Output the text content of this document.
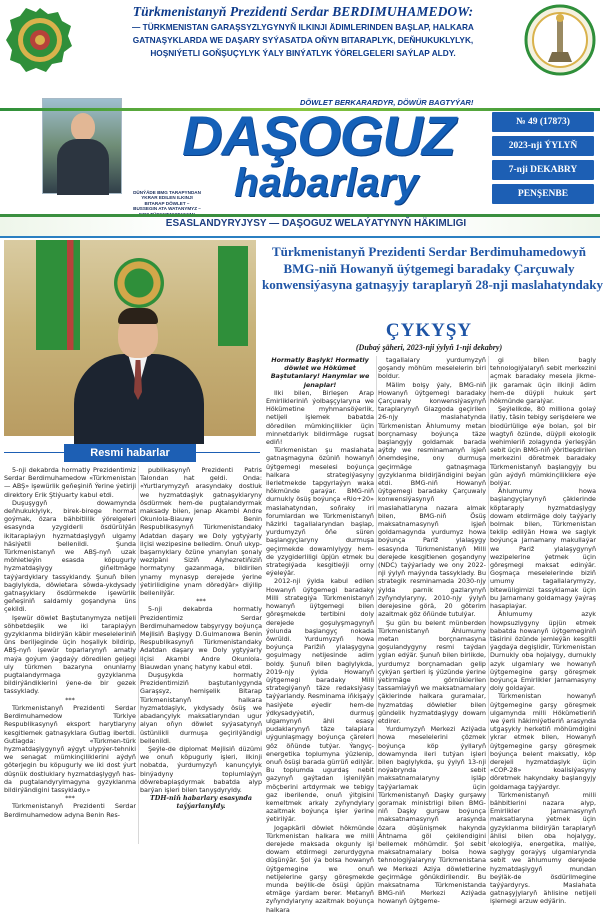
Türkmenistanyň Prezidenti Serdar BERDIMUHAMEDOW:
— TÜRKMENISTAN GARAŞSYZLYGYNYŇ ILKINJI ÄDIMLERINDEN BAŞLAP, HALKARA
GATNAŞYKLARDA WE DAŞARY SYÝASATDA OŇYN BITARAPLYK, DEŇHUKUKLYLYK,
HOŞNIÝETLI GOŇŞUÇYLYK ÝALY BINÝATLYK ÝÖRELGELERI SAÝLAP ALDY.
DÖWLET BERKARARDYR, DÖWÜR BAGTYÝAR!
DAŞOGUZ
habarlary
DÜNÝÄDE BMG TARAPYNDAN
YKRAR EDILEN ILKINJI
BITARAP DÖWLET –
BUSSEGIN ATA WATANYMYZ –
№ 49 (17873)
2023-nji ÝYLYŇ
7-nji DEKABRY
PENŞENBE
ESASLANDYRYJYSY — DAŞOGUZ WELAÝATYNYŇ HÄKIMLIGI
Resmi habarlar
Türkmenistanyň Prezidenti Serdar Berdimuhamedowyň
BMG-niň Howanyň üýtgemegi baradaky Çarçuwaly
konwensiýasyna gatnaşyjy taraplaryň 28-nji maslahatyndaky
ÇYKYŞY
(Dubaý şäheri, 2023-nji ýylyň 1-nji dekabry)

5-nji dekabrda hormatly Prezidentimiz Serdar Berdimuhamedow «Türkmenistan — ABŞ» işewürlik geňeşiniň Ýerine ýetiriji direktory Erik Ştiýuarty kabul etdi.

Duşuşygyň dowamynda deňhukuklylyk, birek-birege hormat goýmak, özara bähbitlilik ýörelgeleri esasynda yzygiderli ösdürülýän ikitaraplaýyn hyzmatdaşlygyň ulgamy häsiýetli bellenildi. Şunda Türkmenistanyň we ABŞ-nyň uzak möhletleýin esasda köpugurly hyzmatdaşlygy giňeltmäge taýýardyklary tassyklandy. Şunuň bilen baglylykda, döwletara söwda-ykdysady gatnaşyklary ösdürmekde işewürlik geňeşiniň saldamly goşandyna üns çekildi.

Işewür döwlet Baştutanymyza netijeli söhbetdeşlik we iki taraplaýyn gyzyklanma bildirýän käbir meseleleriniň üns beriljeginde üçin hoşallyk bildirip, ABŞ-nyň işewür toparlarynyň amatly maýa goýum ýagdaýy döredilen geljegi uly türkmen bazaryna onunlarny pugtalandyrmaga gyzyklanma bildirýändiklerini ýene-de bir gezek tassyklady.

***

Türkmenistanyň Prezidenti Serdar Berdimuhamedow Türkiye Respublikasynyň eksport harytlaryny kesgitlemek gatnaşyklara Gutlag ibertdi. Gutlagda: «Türkmen-türk hyzmatdaşlygynyň aýgyt ulypýer-tehniki we senagat mümkinçiliklerini aýdyň göterjegin bu köpugurly we iki dost ýurt düşnük dostluklary hyzmatdaşlygyň has-da pugtalandyrylmagyna gyzyklanma bildirýändigini tassyklady.»

***

Türkmenistanyň Prezidenti Serdar Berdimuhamedow adyna Benin Res-

publikasynyň Prezidenti Patris Talondan hat geldi. Onda: «Yurtlarymyzyň arasyndaky dostluk we hyzmatdaşlyk gatnaşyklaryny ösdürmek hem-de pugtalandyrmak maksady bilen, jenap Akambi Andre Okunlola-Biauwy Benin Respublikasynyň Türkmenistandaky Adatdan daşary we Doly ygtyýarly ilçisi wezipesine belledim. Onuň ukyp-başarnyklary özüne ynanylan şonaly wezipäni Siziň Alyhezretiňiziň hormatyny gazanmaga, bildirilen ynamy mynasyp derejede ýerine ýetirilidigine ynam döredýär» diýilip bellenilýär.

***

5-nji dekabrda hormatly Prezidentimiz Serdar Berdimuhamedow tabşyrygy boýunça Mejlisiň Başlygy D.Gulmanowa Benin Respublikasynyň Türkmenistandaky Adatdan daşary we Doly ygtyýarly ilçisi Akambi Andre Okunlola-Biauwdan ynanç hatyny kabul etdi.

Duşuşykda hormatly Prezidentimiziň baştutanlygynda Garaşsyz, hemişelik Bitarap Türkmenistanyň halkara hyzmatdaşlyk, ykdysady ösüş we abadançylyk maksatlaryndan ugur alyan oňyn döwlet syýasatynyň üstünlikli durmuşa geçirilýändigi bellenildi.

Şeýle-de diplomat Mejlisiň düzümi we onuň köpugurly işleri, ilkinji nobatda, ýurdumyzyň kanunçylyk binýadyny toplumlaýyn döwrebaplaşdyrmak babatda alyp barýan işleri bilen tanyşdyryldy.

TDH-niň habarlary esasynda taýýarlanyldy.

Hormatly Başlyk! Hormatly döwlet we Hökümet Baştutanlary! Hanymlar we jenaplar!

Ilki bilen, Birleşen Arap Emirlikleriniň ýolbaşçylaryna we Hökümetine myhmansöýerlik, netijeli işlemek babatda döredilen mümkinçilikler üçin minnetdarlyk bildirmäge rugsat ediň!

Türkmenistan şu maslahata gatnaşmagyna özüniň howanyň üýtgemegi meselesi boýunça halkara strategiýasyny ilerletmekde tapgyrlaýyn waka hökmünde garaýar. BMG-niň durnukly ösüş boýunça «Rio+20» maslahatyndan, soňraky iri forumlardan we Türkmenistanyň häzirki tagallalaryndan başlap, yurdumyzyň öňe süren başlangyçlaryny durmuşa geçirmekde dowamlylygy hem-de yzygiderliligi üpjün etmek bu strategiýada kesgitleýji orny eýeleýär.

2012-nji ýylda kabul edilen Howanyň üýtgemegi baradaky Milli strategiýa Türkmenistanyň howanyň üýtgemegi bilen göreşmekde tertibini doly derejede goşulyşmagynyň ýolunda başlangyç nokada öwrüldi. Yurdumyzyň howa boýunça Parižiň ylalaşygyna goşulmagy netijesinde adim boldy. Şunuň bilen baglylykda, 2019-njy ýylda Howanyň üýtgemegi baradaky Milli strategiýanyň täze redaksiýasy taýýarlandy. Resminama iňkişaýy hasiýete eýedir hem-de ýdkysadyýetiň, durmuş ulgamynyň ähli esasy pudaklarynyň täze talaplara uýgunlaşmagy boýunça çäreleri göz öňünde tutýar. Ýangyç-energetika toplumyna ýüzlenip, onuň ösüşi barada gürrüň edilýär. Bu toplumda ugurdaş nebit gazynyň gaýtadan işlenilýän möçberini artdyrmak we tebigy gaz iberilende, onuň ýitgisini kemeltmek arkaly zyňyndylary azaltmak boýunça işler ýerine ýetirilýär.

Jogapkärli döwlet hökmünde Türkmenistan halkara we milli derejede maksada okgunly işi dowam etdirmegi zerurdygyna düşünýär. Şol ýa bolsa howanyň üýtgemegine we onuň netijelerine garşy göreşmekde munda beýlik-de ösüşi üpjün etmäge ýardam berer. Metanyň zyňyndylaryny azaltmak boýunça halkara

tagallalary yurdumyzyň goşandy möhüm meselelerin biri boldur.

Mälim bolşy ýaly, BMG-niň Howanyň üýtgemegi baradaky Çarçuwaly konwensiýasynyň taraplarynyň Glazgoda geçirilen 26-njy maslahatynda Türkmenistan Ählumumy metan borçnamasy boýunça täze başlangyjy goldamak barada aýtdy we resminamanyň işjeň önemdeşine, ony durmuşa geçirmäge gatnaşmaga gyzyklanma bildirjändigini beýan etdi. BMG-niň Howanyň üýtgemegi baradaky Çarçuwaly konwensiýasynyň maslahatlaryna nazara almak bilen, BMG-niň Ösüş maksatnamasynyň işjeň goldamagynda yurdumyz howa boýunça Pariž ylalaşygy esasynda Türkmenistanyň Milli derejede kesgitlenen goşandyny (NDC) taýýarlady we ony 2022-nji ýylyň maýynda tassyklady. Bu strategik resminamada 2030-njy ýylda parnik gazlarynyň zyňyndylaryny, 2010-njy ýylyň derejesine görä, 20 göterim azaltmak göz öňünde tutulýar.

Şu gün bu belent münberden Türkmenistanyň Ählumumy metan borçnamasyna goşulandygyny resmi taýdan yglan edýär. Şunuň bilen birlikde, yurdumyz borçnamadan gelip çykýan şertleri iş ýüzünde ýerine ýetirmäge görnüklerilen tassamlaýyň we maksatnamalary çäklerinde halkara guramalar, hyzmatdaş döwletler bilen gündelik hyzmatdaşlygy dowam etdirer.

Yurdumyzyň Merkezi Aziýada howa meselelerini çözmek boýunça köp ýyllaryň dowamynda ileri tutýan işleri bilen baglylykda, şu ýylyň 13-nji noýabrynda sebit maksatnamalaryny işläp taýýarlamak üçin Türkmenistanyň Daşky gurşawy goramak ministrligi bilen BMG-niň Daşky gurşaw boýunça maksatnamasynyň arasynda özara düşünişmek hakynda Ähtnama göl çekilendigini bellemek möhümdir. Şol sebit maksatnamalary bolsa howa tehnologiýalaryny Türkmenistana we Merkezi Aziýa döwletlerine geçirmäge gönükdirilendir. Bu maksatnama Türkmenistanda BMG-niň Merkezi Aziýada howanyň üýtgeme-

gi bilen bagly tehnologiýalaryň sebit merkezini açmak baradaky mesela jikme-jik garamak üçin ilkinji ädim hem-de düýpli hukuk şert hökmünde garalýar.

Şeýlelikde, 80 milliona golaý ilatly, täsin tebigy serişdelere we biodürlülige eýe bolan, şol bir wagtyň özünde, düýpli ekologik wehimleriň zolagynda ýerleşýän sebit üçin BMG-niň ýöritleşdirilen merkezini döretmek baradaky Türkmenistanyň başlangyjy bu gün aýdyň mümkinçiliklere eýe bolýar.

Ählumumy howa başlangyçlarynyň çäklerinde köptaraply hyzmatdaşlygy dowam etdirmäge doly taýýarly bolmak bilen, Türkmenistan teklip edilýän Howa we saglyk boýunça Jarnamany makullaýar we Pariž ylalaşygynyň wezipelerine ýetmek üçin göreşmegi maksat edinýär. Goşmaça meselelerinde biziň umumy tagallalarymyzy, bitewüligimizi tassyklamak üçin bu Jarnamany goldamagy ýaýraş hasaplaýar.

Ählumumy azyk howpsuzlygyny üpjün etmek babatda howanyň üýtgemeginiň täsirini özünde jemleýän kesgitli ýagdaýa degişlidir, Türkmenistan Durnukly oba hojalygy, durnukly azyk ulgamlary we howanyň üýtgemegine garşy göreşmek boýunça Emirlikler Jarnamasyny doly goldaýar.

Türkmenistan howanyň üýtgemegine garşy göreşmek ulgamynda milli Hökümetleriň we ýerli häkimiýetleriň arasynda utgaşykly herketiň möhümdigini ykrar etmek bilen, Howanyň üýtgemegine garşy göreşmek boýunça belent maksatly, köp derejeli hyzmatdaşlyk üçin «COP-28» koalisiýasyny döretmek hakyndaky başlangyjy goldamaga taýýardyr.

Türkmenistanyň milli bähbitlerini nazara alyp, Emirlikler Jarnamasynyň maksatlaryna ýetmek üçin gyzyklanma bildirýän taraplaryň ählisi bilen oba hojalygy, ekologiýa, energetika, maliýe, saglygy goraýyş ulgamlarynda sebit we ählumumy derejede hyzmatdaşlygyň mundan beýläk-de ösdürilmegine taýýardyrys. Maslahata gatnaşyjylaryň ählisine netijeli işlemegi arzuw edýärin.
